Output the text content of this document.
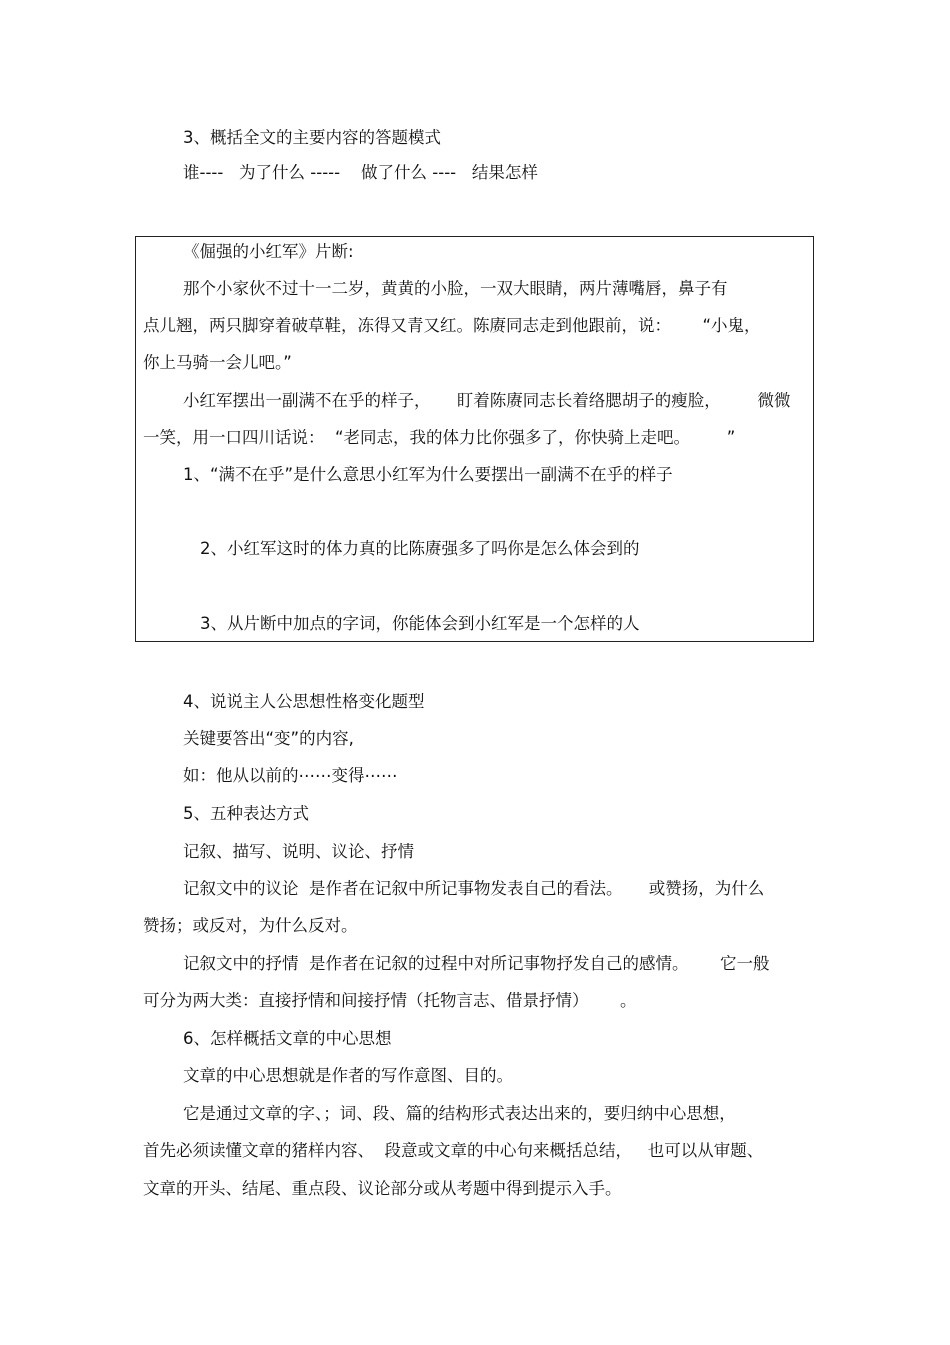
3、概括全文的主要内容的答题模式
谁----   为了什么 -----    做了什么 ----   结果怎样
《倔强的小红军》片断:
那个小家伙不过十一二岁，黄黄的小脸，一双大眼睛，两片薄嘴唇，鼻子有
点儿翘，两只脚穿着破草鞋，冻得又青又红。陈赓同志走到他跟前，说：      “小鬼，
你上马骑一会儿吧。”
小红军摆出一副满不在乎的样子，     盯着陈赓同志长着络腮胡子的瘦脸，       微微
一笑，用一口四川话说：  “老同志，我的体力比你强多了，你快骑上走吧。       ”
1、“满不在乎”是什么意思小红军为什么要摆出一副满不在乎的样子
2、小红军这时的体力真的比陈赓强多了吗你是怎么体会到的
3、从片断中加点的字词，你能体会到小红军是一个怎样的人
4、说说主人公思想性格变化题型
关键要答出“变”的内容,
如：他从以前的⋯⋯变得⋯⋯
5、五种表达方式
记叙、描写、说明、议论、抒情
记叙文中的议论  是作者在记叙中所记事物发表自己的看法。     或赞扬，为什么
赞扬；或反对，为什么反对。
记叙文中的抒情  是作者在记叙的过程中对所记事物抒发自己的感情。      它一般
可分为两大类：直接抒情和间接抒情（托物言志、借景抒情）      。
6、怎样概括文章的中心思想
文章的中心思想就是作者的写作意图、目的。
它是通过文章的字、；词、段、篇的结构形式表达出来的，要归纳中心思想，
首先必须读懂文章的猪样内容、  段意或文章的中心句来概括总结，   也可以从审题、
文章的开头、结尾、重点段、议论部分或从考题中得到提示入手。
